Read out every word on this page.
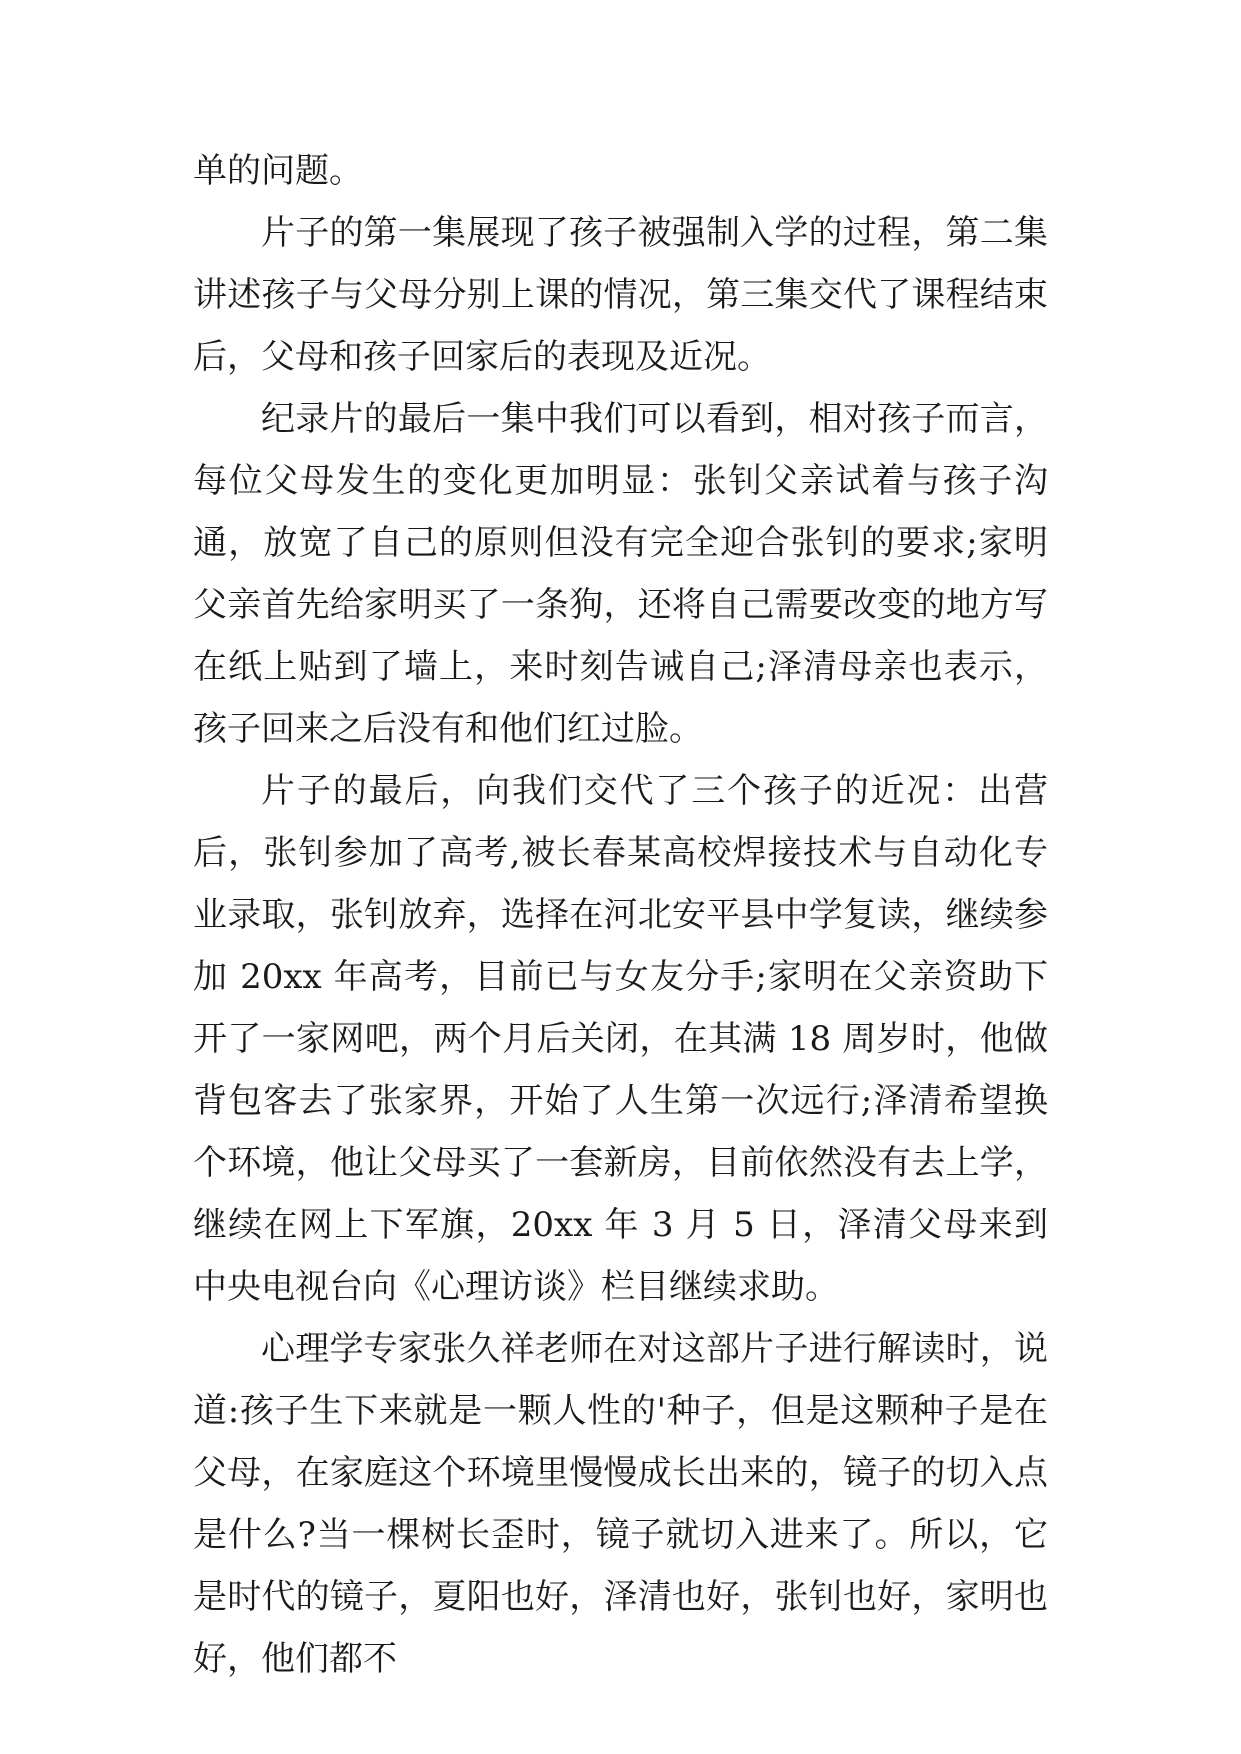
单的问题。

片子的第一集展现了孩子被强制入学的过程，第二集讲述孩子与父母分别上课的情况，第三集交代了课程结束后，父母和孩子回家后的表现及近况。

纪录片的最后一集中我们可以看到，相对孩子而言，每位父母发生的变化更加明显：张钊父亲试着与孩子沟通，放宽了自己的原则但没有完全迎合张钊的要求;家明父亲首先给家明买了一条狗，还将自己需要改变的地方写在纸上贴到了墙上，来时刻告诫自己;泽清母亲也表示，孩子回来之后没有和他们红过脸。

片子的最后，向我们交代了三个孩子的近况：出营后，张钊参加了高考,被长春某高校焊接技术与自动化专业录取，张钊放弃，选择在河北安平县中学复读，继续参加 20xx 年高考，目前已与女友分手;家明在父亲资助下开了一家网吧，两个月后关闭，在其满 18 周岁时，他做背包客去了张家界，开始了人生第一次远行;泽清希望换个环境，他让父母买了一套新房，目前依然没有去上学，继续在网上下军旗，20xx 年 3 月 5 日，泽清父母来到中央电视台向《心理访谈》栏目继续求助。

心理学专家张久祥老师在对这部片子进行解读时，说道:孩子生下来就是一颗人性的'种子，但是这颗种子是在父母，在家庭这个环境里慢慢成长出来的，镜子的切入点是什么?当一棵树长歪时，镜子就切入进来了。所以，它是时代的镜子，夏阳也好，泽清也好，张钊也好，家明也好，他们都不
